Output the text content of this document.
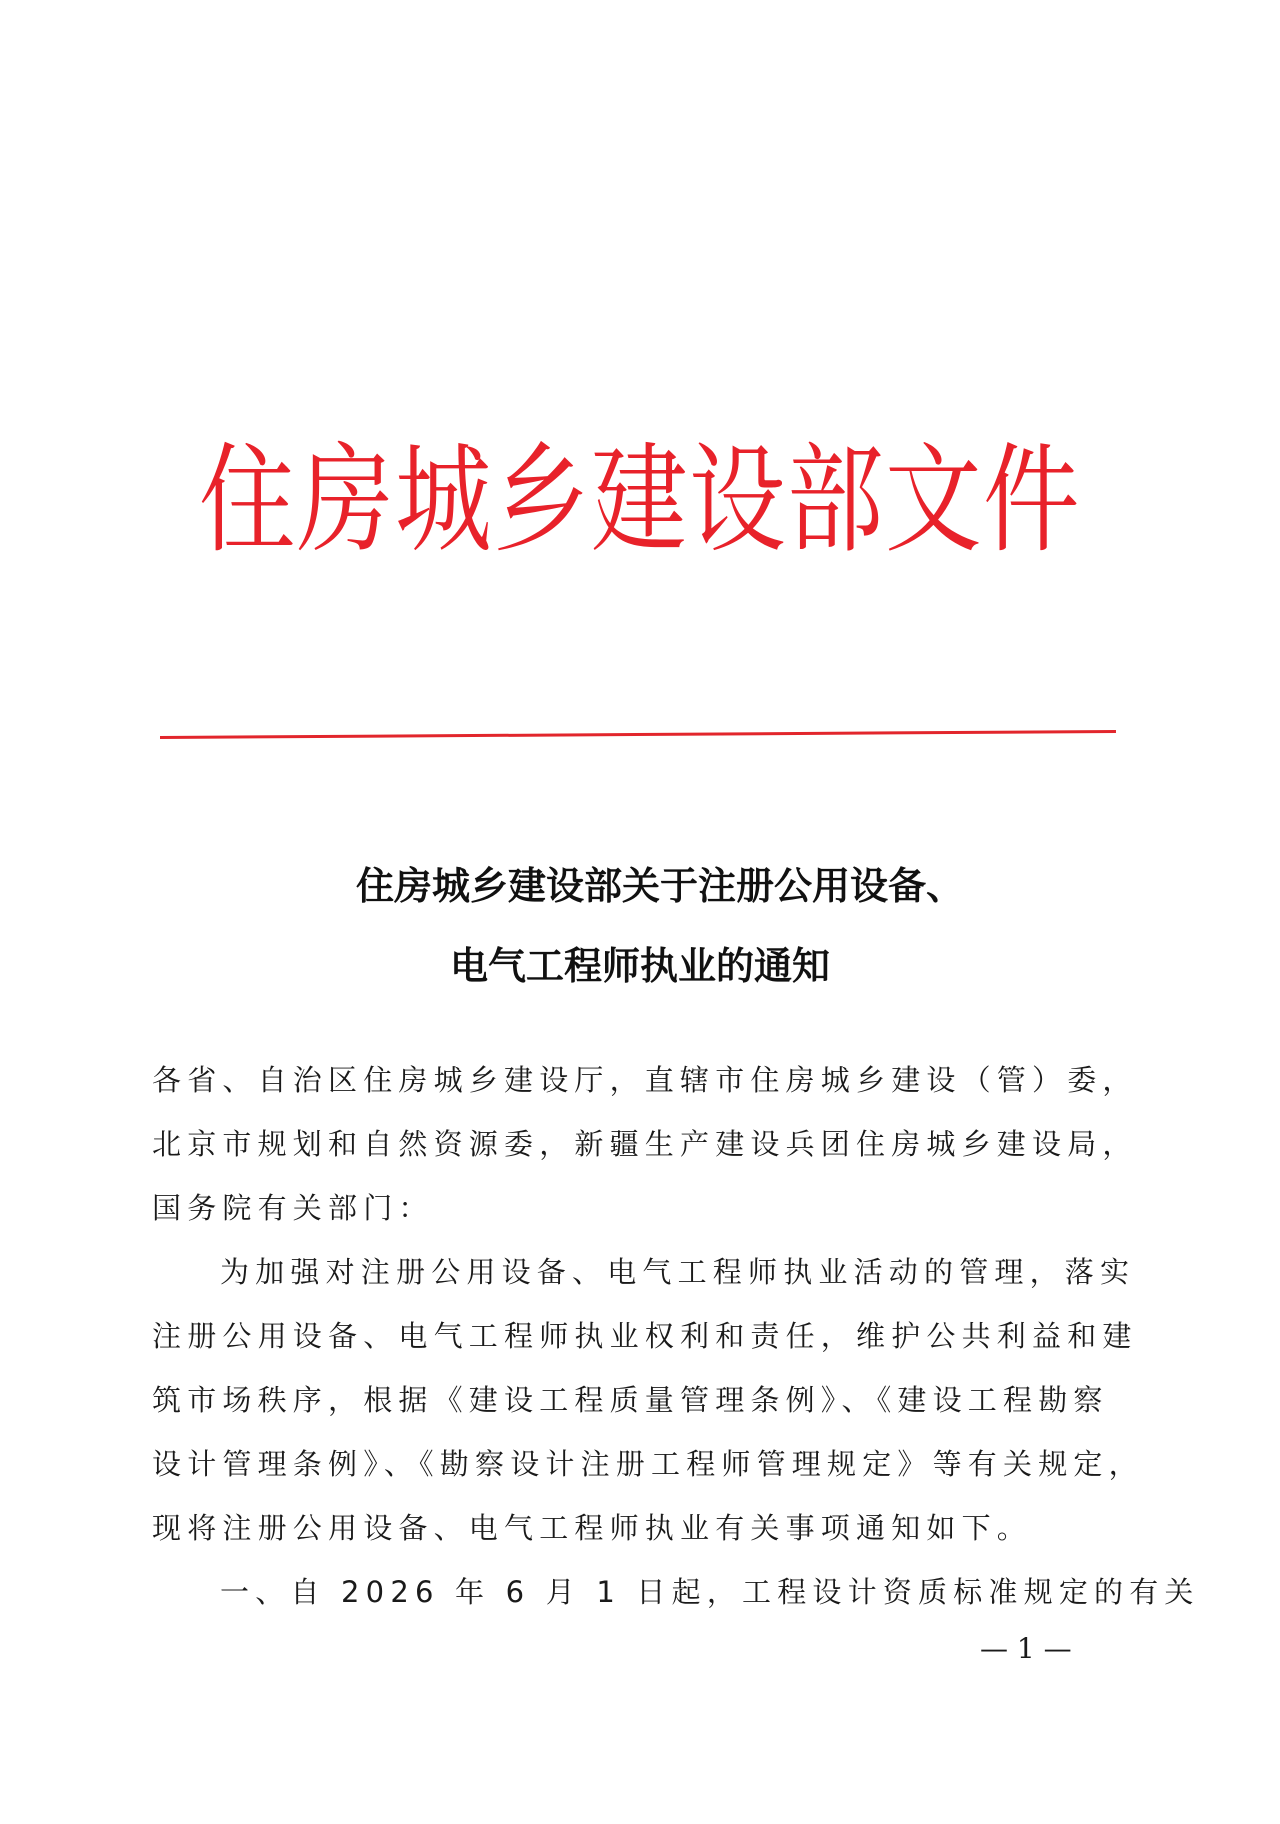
住 房 城 乡 建 设 部 文 件
住房城乡建设部关于注册公用设备、
电气工程师执业的通知
各省、自治区住房城乡建设厅，直辖市住房城乡建设（管）委，
北京市规划和自然资源委，新疆生产建设兵团住房城乡建设局，
国务院有关部门：
为加强对注册公用设备、电气工程师执业活动的管理，落实
注册公用设备、电气工程师执业权利和责任，维护公共利益和建
筑市场秩序，根据《建设工程质量管理条例》、《建设工程勘察
设计管理条例》、《勘察设计注册工程师管理规定》等有关规定，
现将注册公用设备、电气工程师执业有关事项通知如下。
一、自 2026 年 6 月 1 日起，工程设计资质标准规定的有关
— 1 —
